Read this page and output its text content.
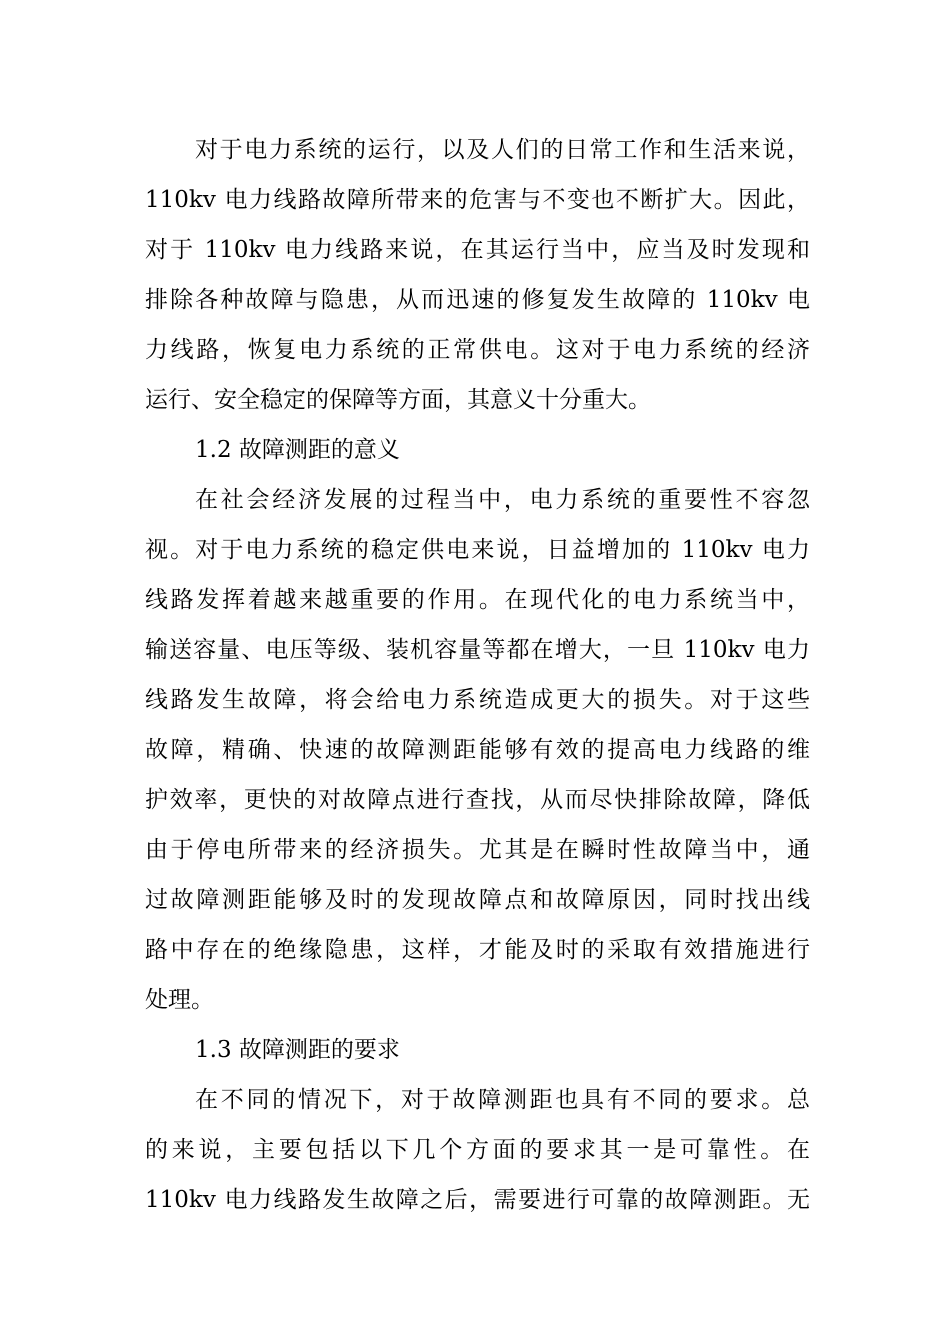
对于电力系统的运行，以及人们的日常工作和生活来说，
110kv 电力线路故障所带来的危害与不变也不断扩大。因此，
对于 110kv 电力线路来说，在其运行当中，应当及时发现和
排除各种故障与隐患，从而迅速的修复发生故障的 110kv 电
力线路，恢复电力系统的正常供电。这对于电力系统的经济
运行、安全稳定的保障等方面，其意义十分重大。
1.2 故障测距的意义
在社会经济发展的过程当中，电力系统的重要性不容忽
视。对于电力系统的稳定供电来说，日益增加的 110kv 电力
线路发挥着越来越重要的作用。在现代化的电力系统当中，
输送容量、电压等级、装机容量等都在增大，一旦 110kv 电力
线路发生故障，将会给电力系统造成更大的损失。对于这些
故障，精确、快速的故障测距能够有效的提高电力线路的维
护效率，更快的对故障点进行查找，从而尽快排除故障，降低
由于停电所带来的经济损失。尤其是在瞬时性故障当中，通
过故障测距能够及时的发现故障点和故障原因，同时找出线
路中存在的绝缘隐患，这样，才能及时的采取有效措施进行
处理。
1.3 故障测距的要求
在不同的情况下，对于故障测距也具有不同的要求。总
的来说，主要包括以下几个方面的要求其一是可靠性。在
110kv 电力线路发生故障之后，需要进行可靠的故障测距。无
